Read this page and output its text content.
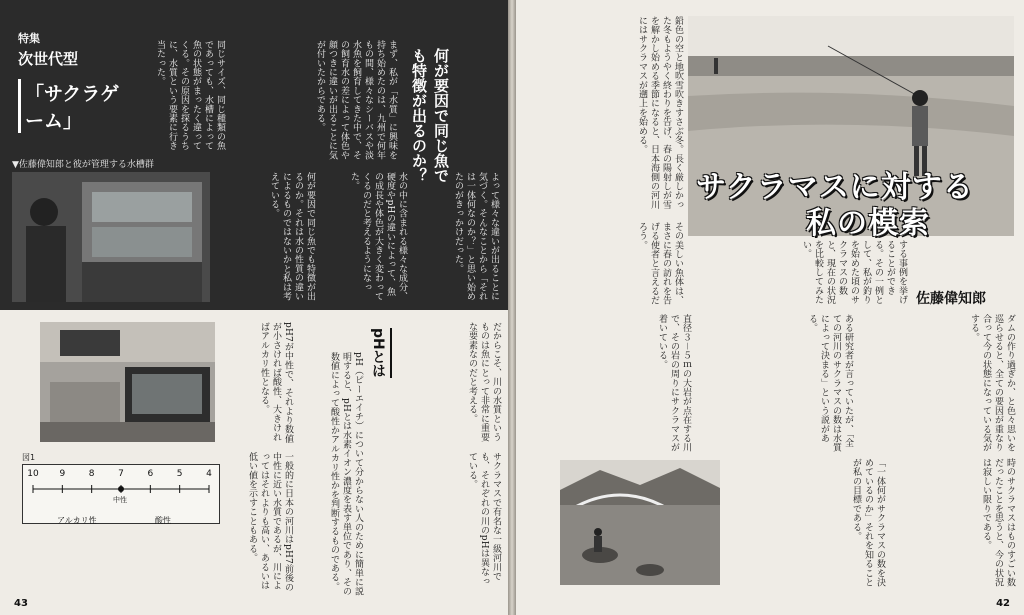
特集
次世代型
「サクラゲーム」	何が要因で同じ魚でも特徴が出るのか？
まず、私が「水質」に興味を持ち始めたのは、九州で何年もの間、様々なシーバスや淡水魚を飼育してきた中で、その飼育水の差によって体色や顔つきに違いが出ることに気が付いたからである。
同じサイズ、同じ種類の魚であっても、水槽によって魚の状態がまったく違ってくる。その原因を探るうちに、水質という要素に行き当たった。
水の中に含まれる様々な成分、硬度やpHの違いによって、魚の成長や体色が大きく変わってくるのだと考えるようになった。
何が要因で同じ魚でも特徴が出るのか。それは水の性質の違いによるものではないかと私は考えている。	よって様々な違いが出ることに気づく。そんなことから「それは一体何なのか？」と思い始めたのがきっかけだった。
▼佐藤偉知郎と彼が管理する水槽群
pHとは	だからこそ、川の水質というものは魚にとって非常に重要な要素なのだと考える。
pH（ピーエイチ）について分からない人のために簡単に説明すると、pHとは水素イオン濃度を表す単位であり、その数値によって酸性かアルカリ性かを判断するものである。
pH7が中性で、それより数値が小さければ酸性、大きければアルカリ性となる。
一般的に日本の河川はpH7前後の中性に近い水質であるが、川によってはそれよりも高い、あるいは低い値を示すこともある。	サクラマスで有名な一級河川でも、それぞれの川のpHは異なっている。
図1
10	9	8	7	6	5	4
中性
アルカリ性	酸性
43
鉛色の空と地吹雪吹きすさぶ冬。長く厳しかった冬もようやく終わりを告げ、春の陽射しが雪を解かし始める季節になると、日本海側の河川にはサクラマスが遡上を始める。
その美しい魚体は、まさに春の訪れを告げる使者と言えるだろう。
する事例を挙げることができる。その一例として、私が釣りを始めた頃のサクラマスの数と、現在の状況を比較してみたい。
サクラマスに対する
私の模索
佐藤偉知郎
ダムの作り過ぎか、と色々思いを巡らせると、全ての要因が重なり合って今の状態になっている気がする。
ある研究者が言っていたが、「全ての河川のサクラマスの数は水質によって決まる」という説がある。
直径３－５ｍの大岩が点在する川で、その岩の周りにサクラマスが着いている。
時のサクラマスはものすごい数だったことを思うと、今の状況は寂しい限りである。
「一体何がサクラマスの数を決めているのか」それを知ることが私の目標である。
42
